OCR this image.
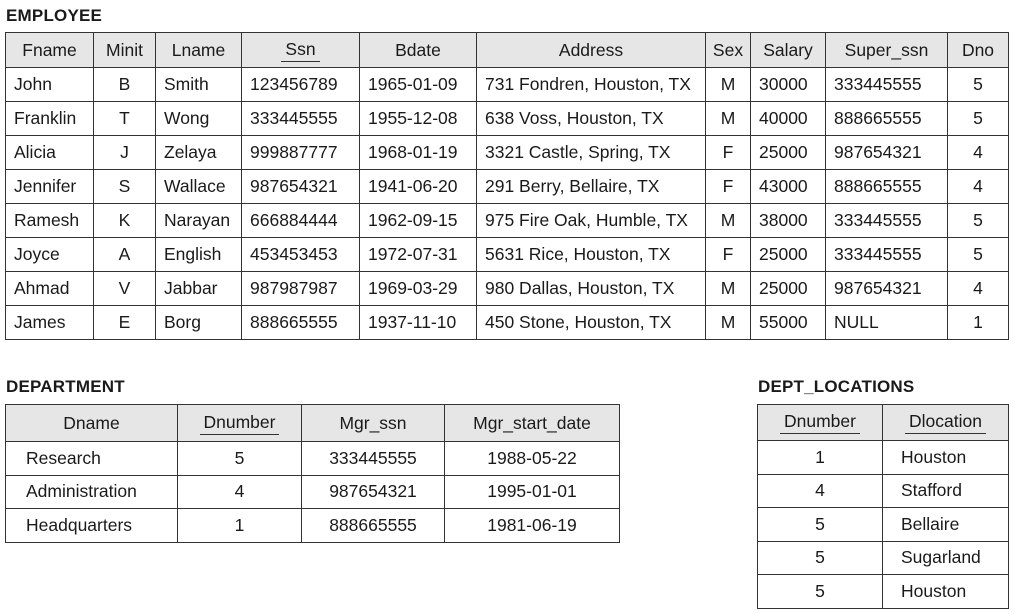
EMPLOYEE
Fname	Minit	Lname	Ssn	Bdate	Address	Sex	Salary	Super_ssn	Dno
John	B	Smith	123456789	1965-01-09	731 Fondren, Houston, TX	M	30000	333445555	5
Franklin	T	Wong	333445555	1955-12-08	638 Voss, Houston, TX	M	40000	888665555	5
Alicia	J	Zelaya	999887777	1968-01-19	3321 Castle, Spring, TX	F	25000	987654321	4
Jennifer	S	Wallace	987654321	1941-06-20	291 Berry, Bellaire, TX	F	43000	888665555	4
Ramesh	K	Narayan	666884444	1962-09-15	975 Fire Oak, Humble, TX	M	38000	333445555	5
Joyce	A	English	453453453	1972-07-31	5631 Rice, Houston, TX	F	25000	333445555	5
Ahmad	V	Jabbar	987987987	1969-03-29	980 Dallas, Houston, TX	M	25000	987654321	4
James	E	Borg	888665555	1937-11-10	450 Stone, Houston, TX	M	55000	NULL	1
DEPARTMENT
Dname	Dnumber	Mgr_ssn	Mgr_start_date
Research	5	333445555	1988-05-22
Administration	4	987654321	1995-01-01
Headquarters	1	888665555	1981-06-19
DEPT_LOCATIONS
Dnumber	Dlocation
1	Houston
4	Stafford
5	Bellaire
5	Sugarland
5	Houston
